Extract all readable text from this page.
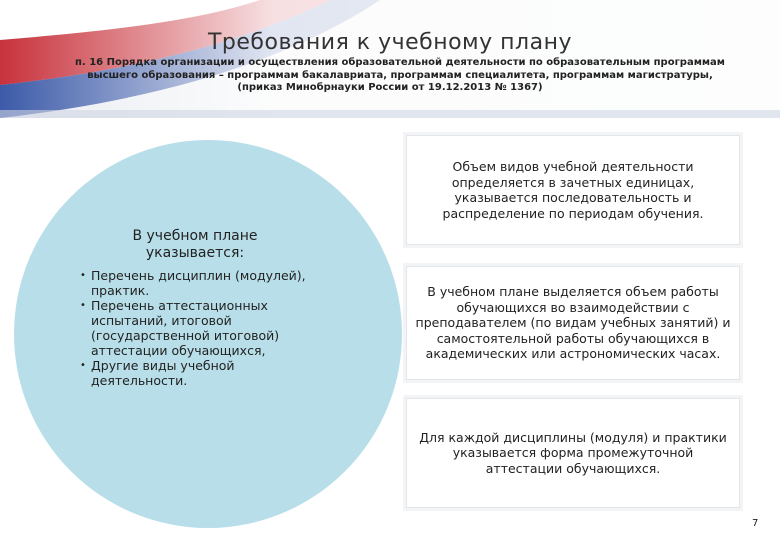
Требования к учебному плану
п. 16 Порядка организации и осуществления образовательной деятельности по образовательным программам высшего образования – программам бакалавриата, программам специалитета, программам магистратуры,
(приказ Минобрнауки России от 19.12.2013 № 1367)
В учебном плане указывается:
• Перечень дисциплин (модулей), практик.
• Перечень аттестационных испытаний, итоговой (государственной итоговой) аттестации обучающихся,
• Другие виды учебной деятельности.
Объем видов учебной деятельности определяется в зачетных единицах, указывается последовательность и распределение по периодам обучения.
В учебном плане выделяется объем работы обучающихся во взаимодействии с преподавателем (по видам учебных занятий) и самостоятельной работы обучающихся в академических или астрономических часах.
Для каждой дисциплины (модуля) и практики указывается форма промежуточной аттестации обучающихся.
7
